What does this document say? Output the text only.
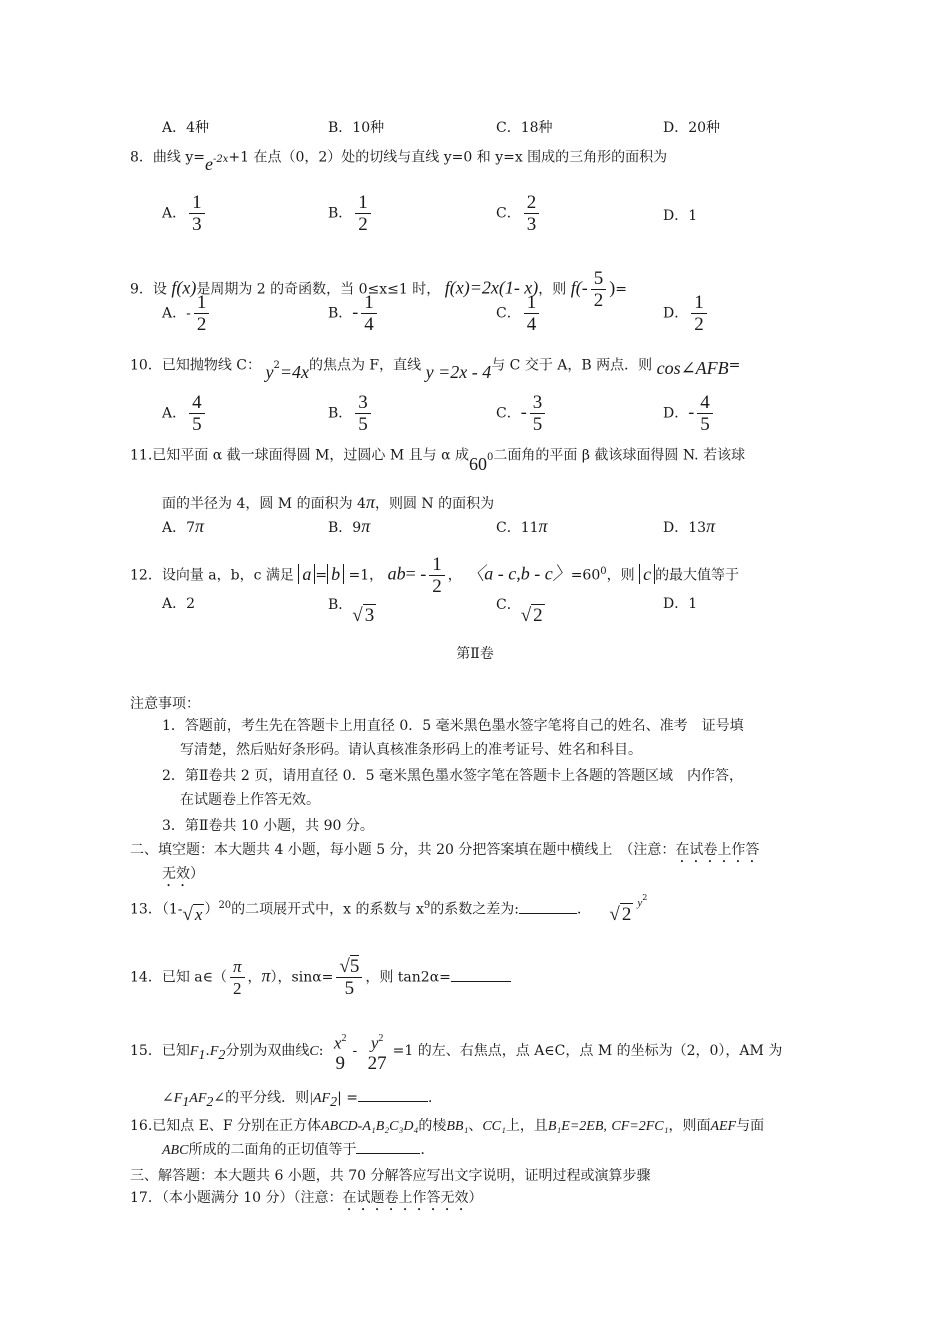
A．4种	B．10种	C．18种	D．20种
8．曲线 $y=e^{-2x}+1$ 在点（0，2）处的切线与直线 y=0 和 y=x 围成的三角形的面积为
A． $\frac{1}{3}$	B． $\frac{1}{2}$	C． $\frac{2}{3}$	D．1
9．设 f(x)是周期为 2 的奇函数，当 0≤x≤1 时， f(x)=2x(1- x)，则 $f(- \frac{5}{2}$ )=
A．- $\frac{1}{2}$	B．- $\frac{1}{4}$	C． $\frac{1}{4}$	D． $\frac{1}{2}$
10．已知抛物线 C： $y^2=4x$的焦点为 F，直线 y =2x - 4与 C 交于 A，B 两点．则 cos∠AFB=
A． $\frac{4}{5}$	B． $\frac{3}{5}$	C．- $\frac{3}{5}$	D．- $\frac{4}{5}$
11.已知平面 α 截一球面得圆 M，过圆心 M 且与 α 成$60^0$二面角的平面 β 截该球面得圆 N. 若该球
面的半径为 4，圆 M 的面积为 4π，则圆 N 的面积为
A．7π	B．9π	C．11π	D．13π
12．设向量 a，b，c 满足 a = b =1， $ab= - \frac{1}{2}$ ， 〈a - c,b - c〉$=60^0$，则 c 的最大值等于
A．2	B．√ 3	C．√ 2
D．1
第Ⅱ卷
注意事项：
1．答题前，考生先在答题卡上用直径 0．5 毫米黑色墨水签字笔将自己的姓名、准考　证号填
写清楚，然后贴好条形码。请认真核准条形码上的准考证号、姓名和科目。
2．第Ⅱ卷共 2 页，请用直径 0．5 毫米黑色墨水签字笔在答题卡上各题的答题区域　内作答，
在试题卷上作答无效。
3．第Ⅱ卷共 10 小题，共 90 分。
二、填空题：本大题共 4 小题，每小题 5 分，共 20 分把答案填在题中横线上　（注意：在试卷上作答
无效）
13．（1-√ x ）$^{20}$的二项展开式中，x 的系数与 $x^9$的系数之差为:	． √ $2^{y2}$
14．已知 a∈（ $\frac{\pi}{2}$ ，π），$\sin\alpha= \frac{√5}{5}$ ，则 tan2α=
15．已知F1.F2分别为双曲线C: $x^2$
9
- $y^2$
27
=1 的左、右焦点，点 A∈C，点 M 的坐标为（2，0），AM 为
∠F1AF2∠的平分线．则|AF2| =	．
16.已知点 E、F 分别在正方体ABCD-A₁B₂C₃D₄的棱BB₁、CC₁上，且B₁E=2EB, CF=2FC₁，则面AEF与面
ABC所成的二面角的正切值等于	．
三、解答题：本大题共 6 小题，共 70 分解答应写出文字说明，证明过程或演算步骤
17．（本小题满分 10 分）（注意：在试题卷上作答无效）
